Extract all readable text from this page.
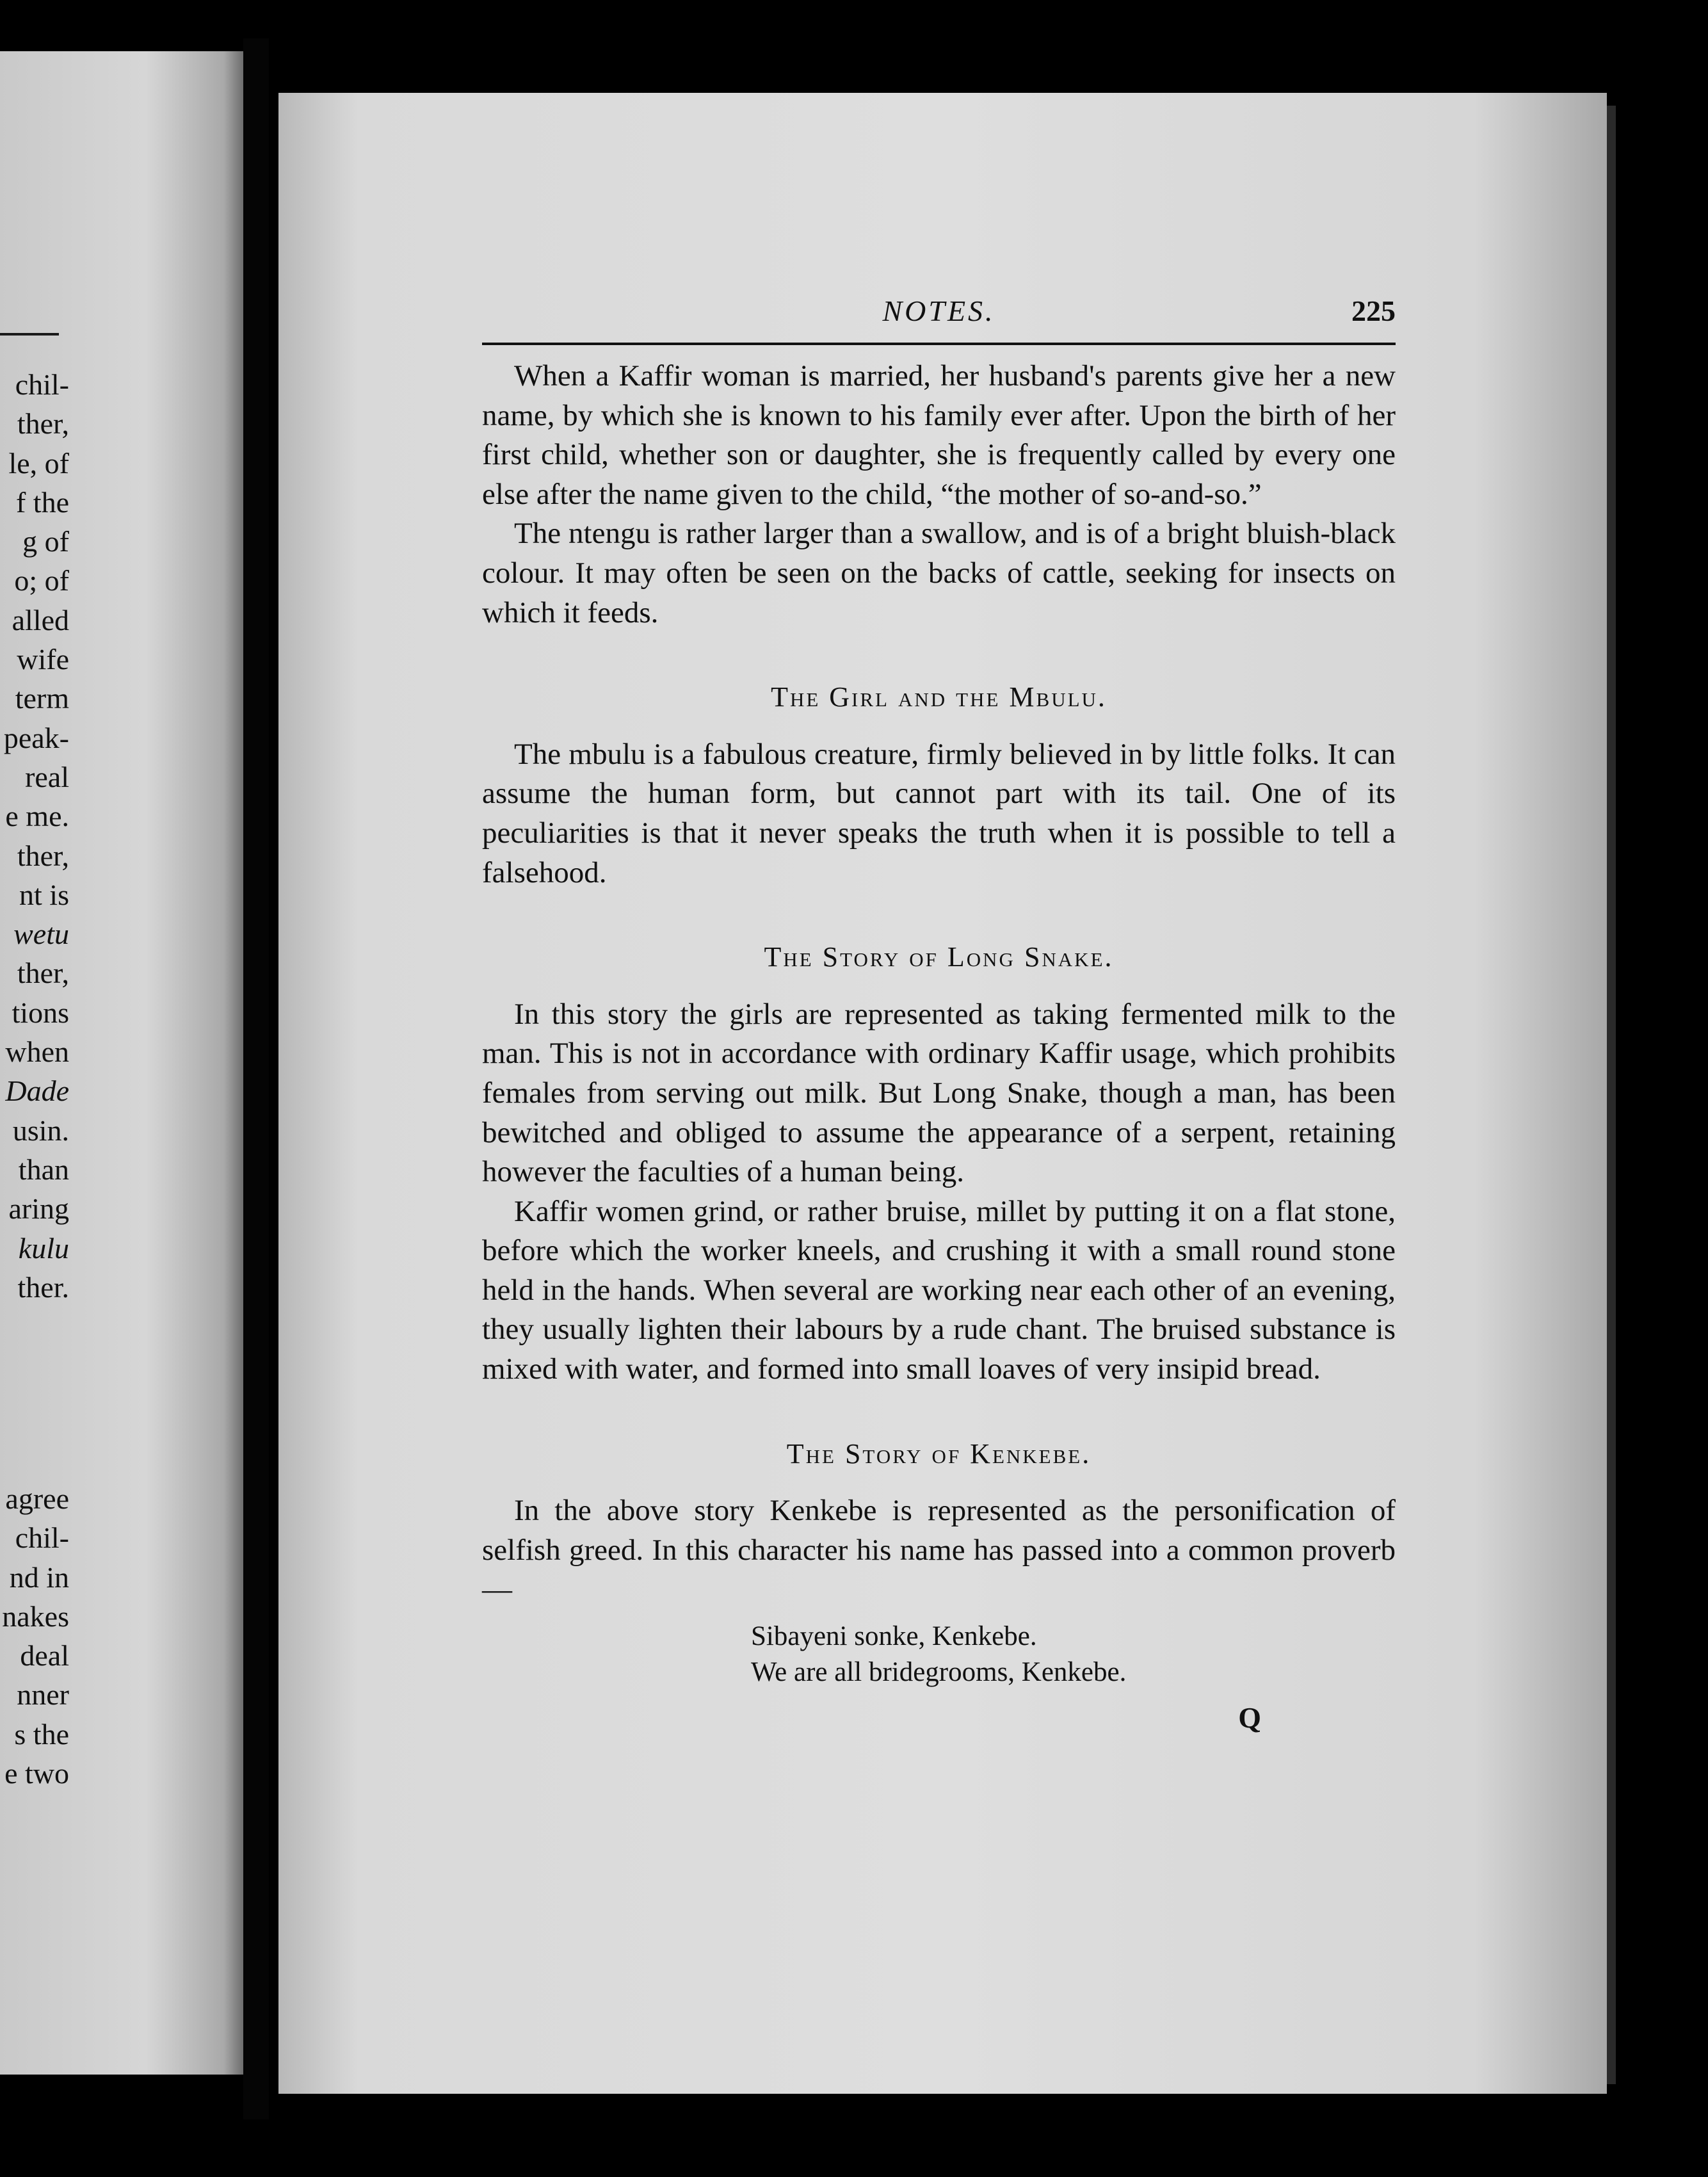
chil-
ther,
le, of
f the
g of
o; of
alled
wife
term
peak-
real
e me.
ther,
nt is
wetu
ther,
tions
when
Dade
usin.
than
aring
kulu
ther.
agree
chil-
nd in
nakes
deal
nner
s the
e two
NOTES.	225

When a Kaffir woman is married, her husband's parents give her a new name, by which she is known to his family ever after. Upon the birth of her first child, whether son or daughter, she is frequently called by every one else after the name given to the child, “the mother of so-and-so.”

The ntengu is rather larger than a swallow, and is of a bright bluish-black colour. It may often be seen on the backs of cattle, seeking for insects on which it feeds.

The Girl and the Mbulu.

The mbulu is a fabulous creature, firmly believed in by little folks. It can assume the human form, but cannot part with its tail. One of its peculiarities is that it never speaks the truth when it is possible to tell a falsehood.

The Story of Long Snake.

In this story the girls are represented as taking fermented milk to the man. This is not in accordance with ordinary Kaffir usage, which prohibits females from serving out milk. But Long Snake, though a man, has been bewitched and obliged to assume the appearance of a serpent, retaining however the faculties of a human being.

Kaffir women grind, or rather bruise, millet by putting it on a flat stone, before which the worker kneels, and crushing it with a small round stone held in the hands. When several are working near each other of an evening, they usually lighten their labours by a rude chant. The bruised substance is mixed with water, and formed into small loaves of very insipid bread.

The Story of Kenkebe.

In the above story Kenkebe is represented as the personification of selfish greed. In this character his name has passed into a common proverb—

Sibayeni sonke, Kenkebe.
We are all bridegrooms, Kenkebe.
Q
